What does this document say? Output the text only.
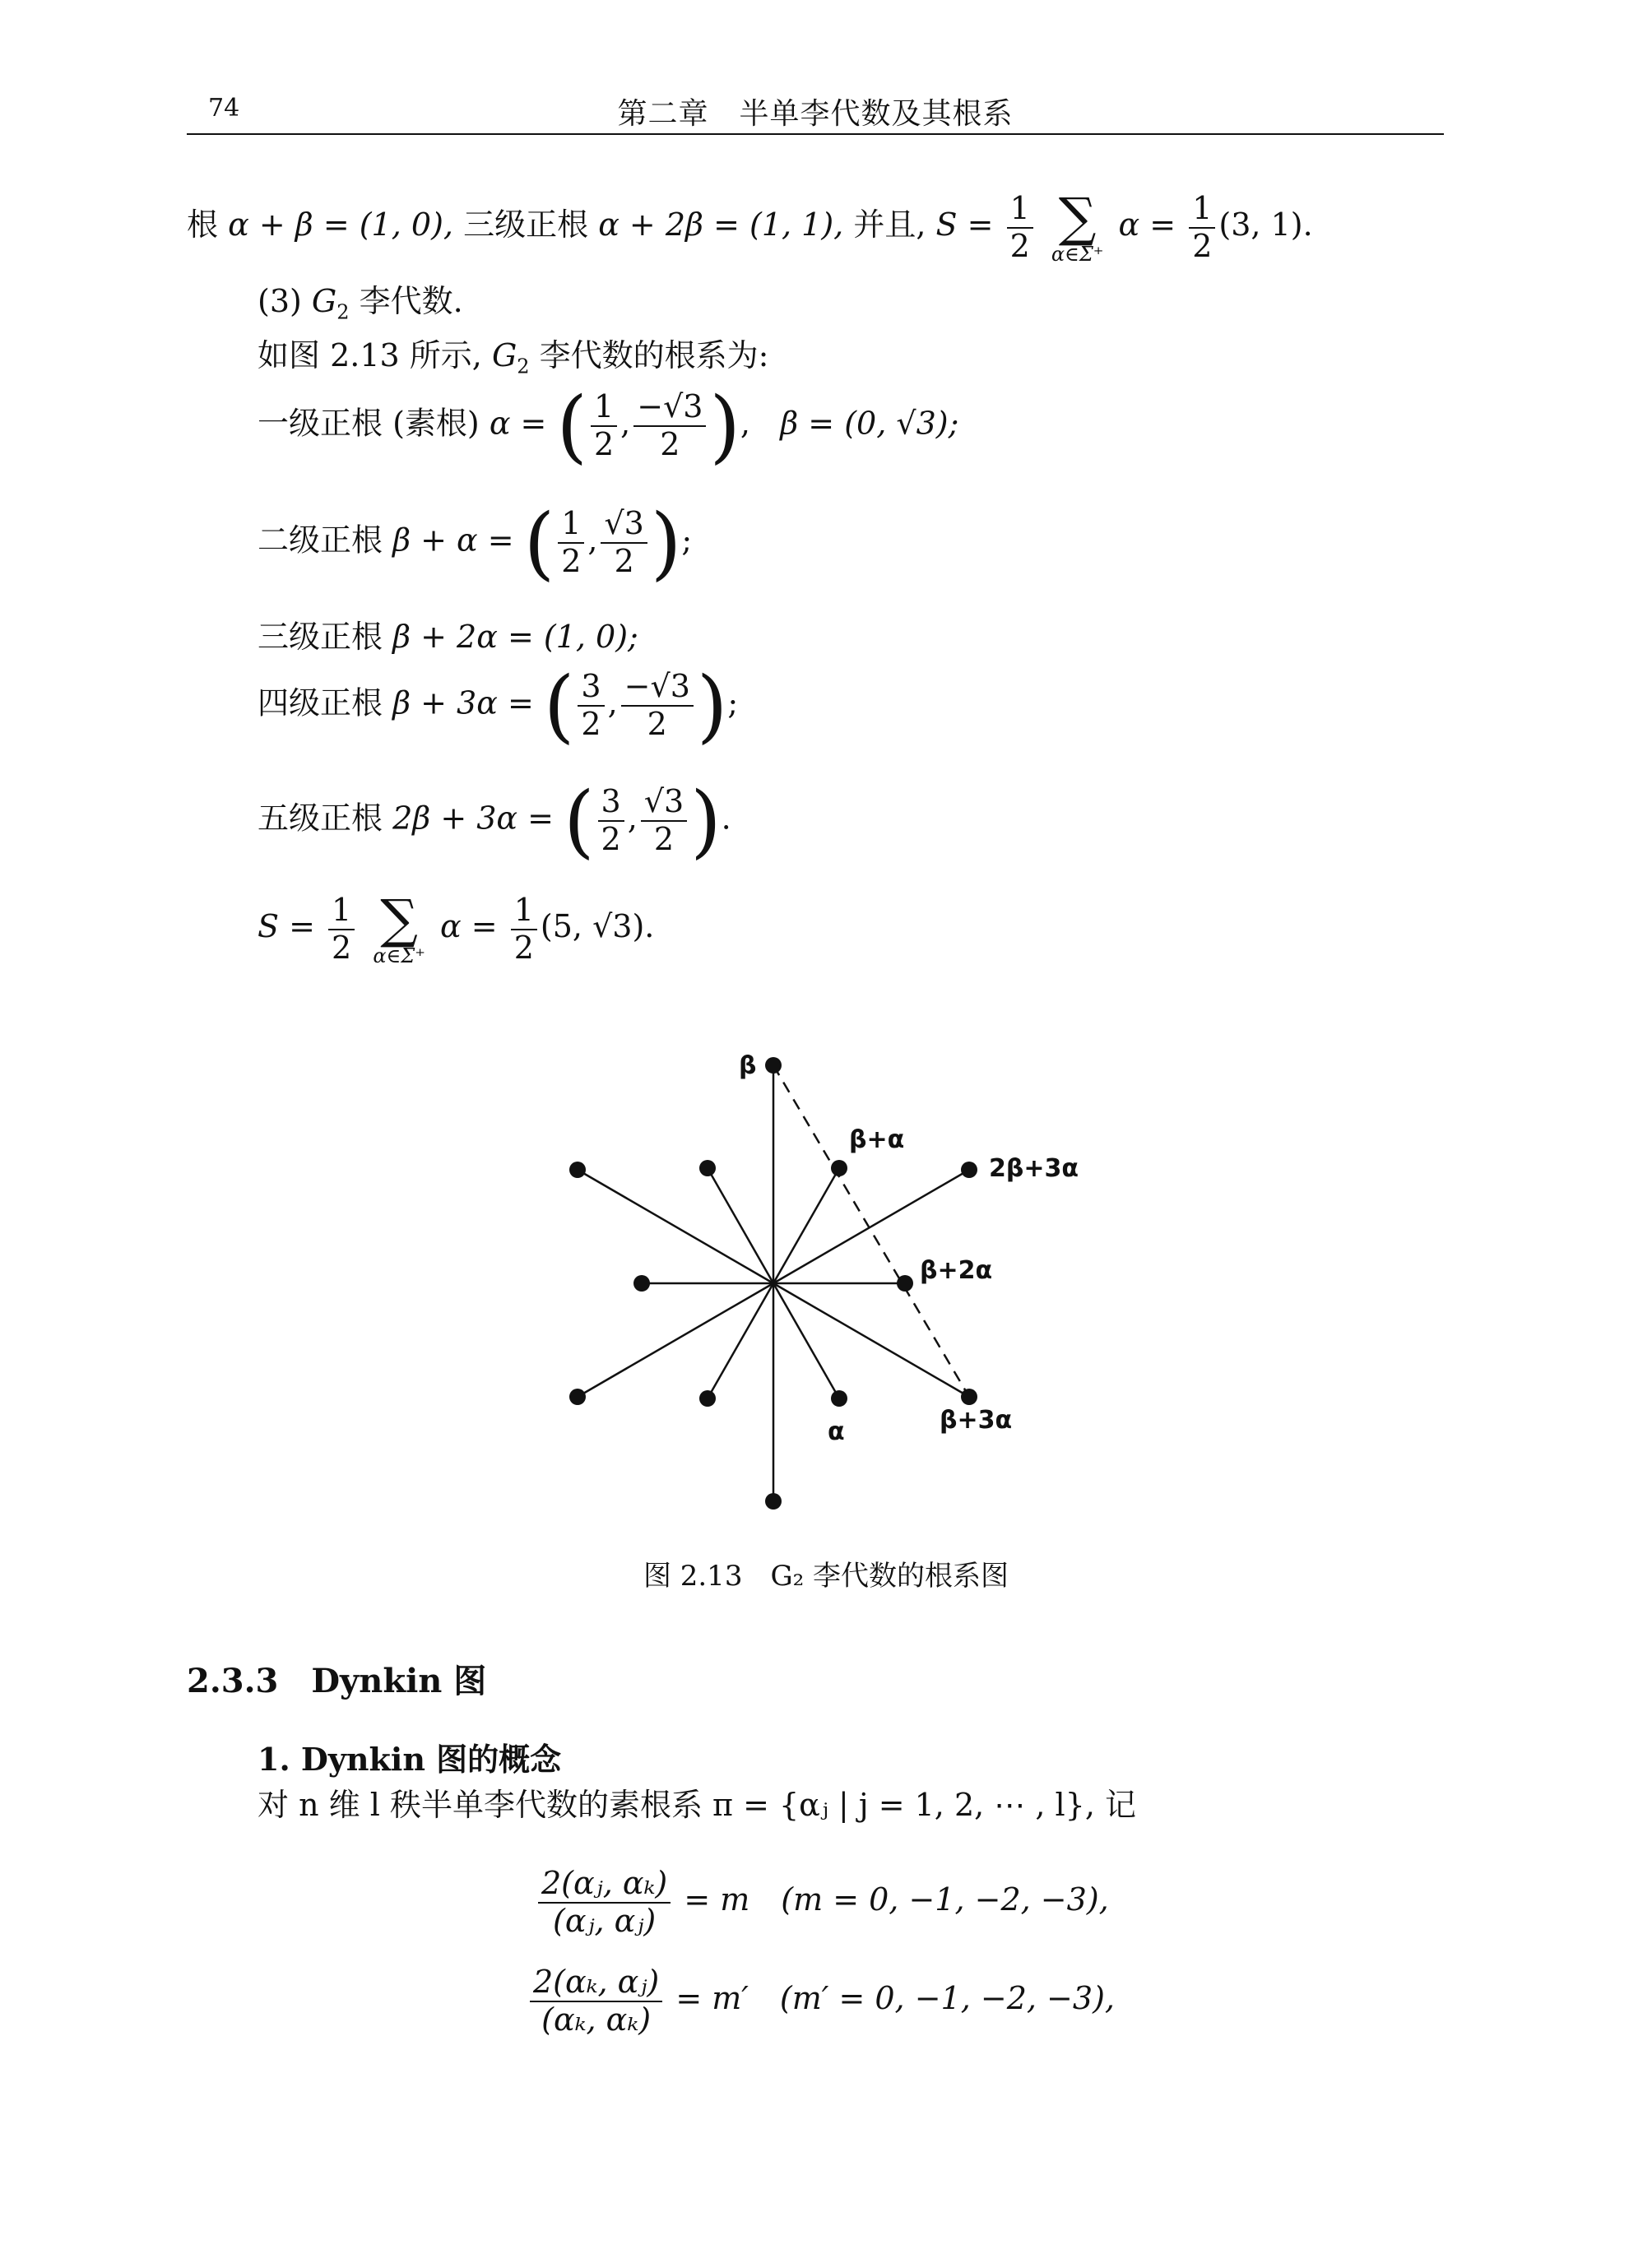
74	第二章　半单李代数及其根系
根 α + β = (1, 0), 三级正根 α + 2β = (1, 1), 并且, $S = \frac{1}{2}$
∑
α∈Σ⁺
$\alpha = \frac{1}{2} (3$, 1).
(3) $G_2$ 李代数.
如图 2.13 所示, $G_2$ 李代数的根系为:
一级正根 (素根) α = ( $\frac{1}{2}$ , $\frac{-√3}{2}$ ),   β = (0, √3);
二级正根 β + α = ( $\frac{1}{2}$ , $\frac{√3}{2}$ );
三级正根 β + 2α = (1, 0);
四级正根 β + 3α = ( $\frac{3}{2}$ , $\frac{-√3}{2}$ );
五级正根 2β + 3α = ( $\frac{3}{2}$ , $\frac{√3}{2}$ ).
$S = \frac{1}{2}$
∑
α∈Σ⁺
$\alpha = \frac{1}{2} (5$, √3).
β
β+α
2β+3α
β+2α
α	β+3α
图 2.13　G₂ 李代数的根系图
2.3.3　Dynkin 图
1. Dynkin 图的概念
对 n 维 l 秩半单李代数的素根系 π = {αⱼ | j = 1, 2, ⋯ , l}, 记
$\frac{\text{2(αⱼ, αₖ)}}{\text{(αⱼ, αⱼ)}} = m$　(m = 0, −1, −2, −3),
$\frac{\text{2(αₖ, αⱼ)}}{\text{(αₖ, αₖ)}} = m'$　(m′ = 0, −1, −2, −3),
